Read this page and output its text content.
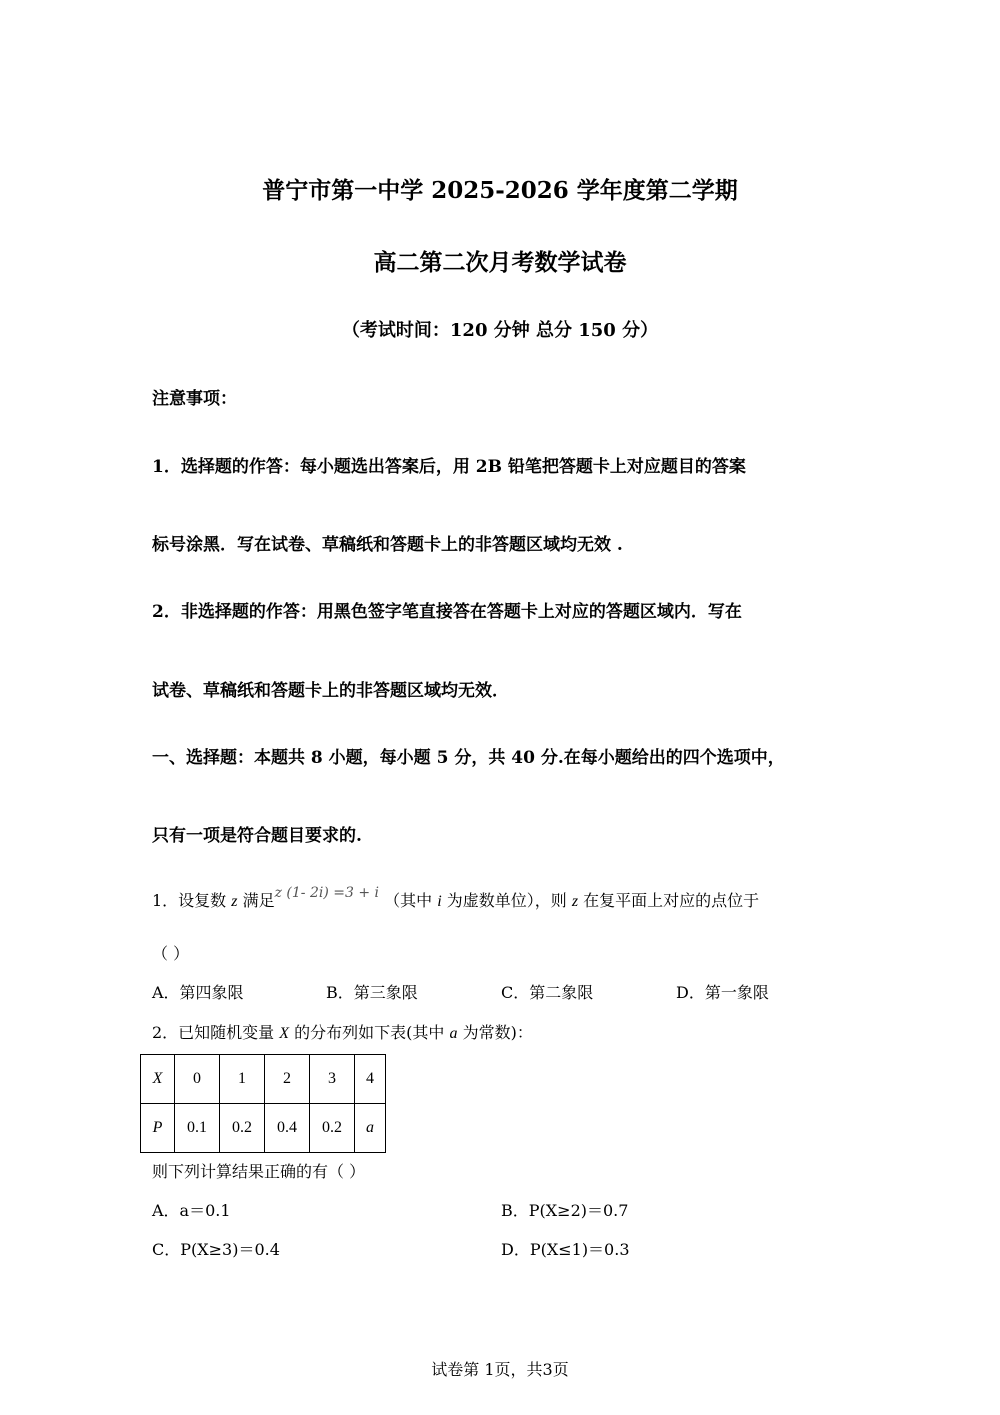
普宁市第一中学 2025-2026 学年度第二学期
高二第二次月考数学试卷
（考试时间：120 分钟 总分 150 分）
注意事项：
1．选择题的作答：每小题选出答案后，用 2B 铅笔把答题卡上对应题目的答案
标号涂黑．写在试卷、草稿纸和答题卡上的非答题区域均无效 .
2．非选择题的作答：用黑色签字笔直接答在答题卡上对应的答题区域内．写在
试卷、草稿纸和答题卡上的非答题区域均无效．
一、选择题：本题共 8 小题，每小题 5 分，共 40 分.在每小题给出的四个选项中，
只有一项是符合题目要求的.
1．设复数 z 满足z (1- 2i) =3 + i （其中 i 为虚数单位），则 z 在复平面上对应的点位于
（ ）
A．第四象限	B．第三象限	C．第二象限	D．第一象限
2．已知随机变量 X 的分布列如下表(其中 a 为常数)：
X	0	1	2	3	4
P	0.1	0.2	0.4	0.2	a
则下列计算结果正确的有（ ）
A．a＝0.1	B．P(X≥2)＝0.7
C．P(X≥3)＝0.4	D．P(X≤1)＝0.3
试卷第 1页，共3页
